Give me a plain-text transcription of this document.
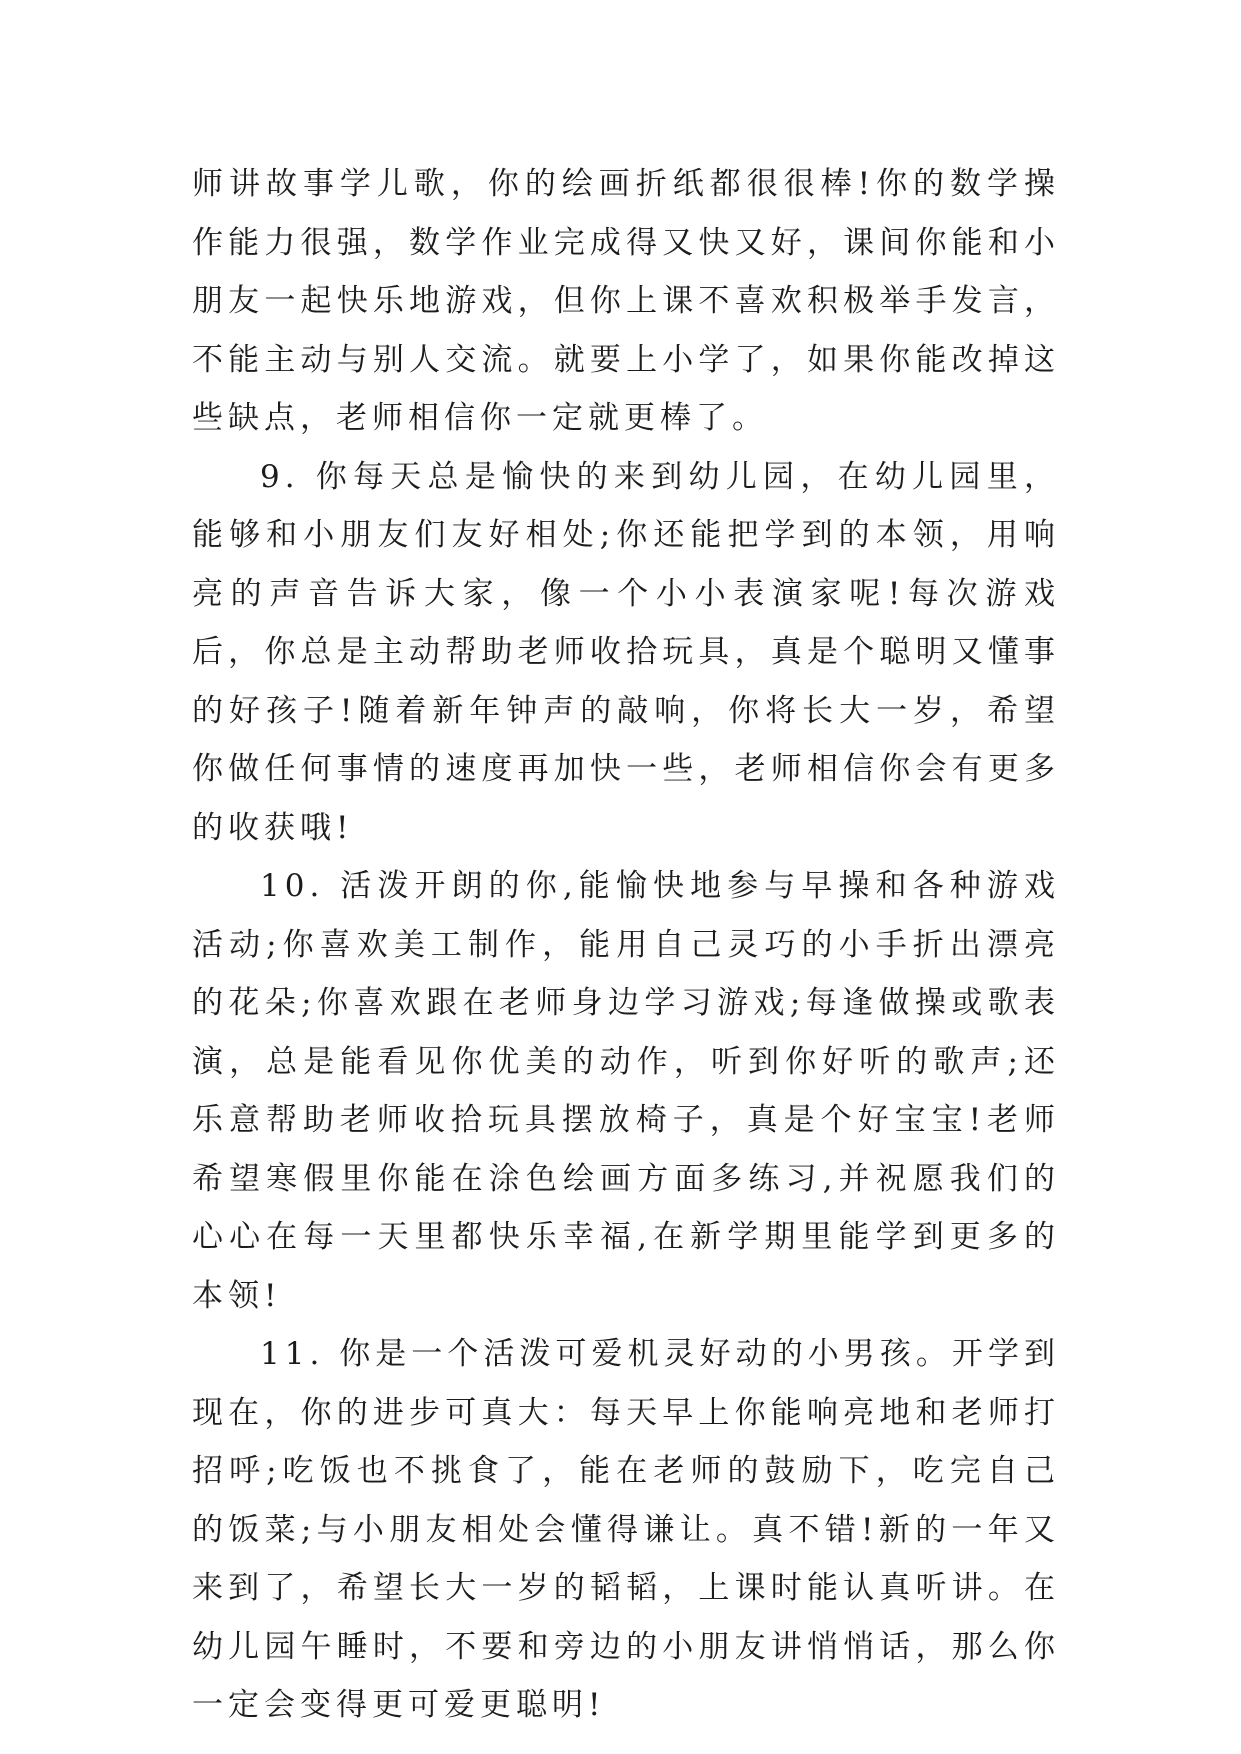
师讲故事学儿歌，你的绘画折纸都很很棒!你的数学操作能力很强，数学作业完成得又快又好，课间你能和小朋友一起快乐地游戏，但你上课不喜欢积极举手发言，不能主动与别人交流。就要上小学了，如果你能改掉这些缺点，老师相信你一定就更棒了。

9. 你每天总是愉快的来到幼儿园，在幼儿园里，能够和小朋友们友好相处;你还能把学到的本领，用响亮的声音告诉大家，像一个小小表演家呢!每次游戏后，你总是主动帮助老师收拾玩具，真是个聪明又懂事的好孩子!随着新年钟声的敲响，你将长大一岁，希望你做任何事情的速度再加快一些，老师相信你会有更多的收获哦!

10. 活泼开朗的你,能愉快地参与早操和各种游戏活动;你喜欢美工制作，能用自己灵巧的小手折出漂亮的花朵;你喜欢跟在老师身边学习游戏;每逢做操或歌表演，总是能看见你优美的动作，听到你好听的歌声;还乐意帮助老师收拾玩具摆放椅子，真是个好宝宝!老师希望寒假里你能在涂色绘画方面多练习,并祝愿我们的心心在每一天里都快乐幸福,在新学期里能学到更多的本领!

11. 你是一个活泼可爱机灵好动的小男孩。开学到现在，你的进步可真大：每天早上你能响亮地和老师打招呼;吃饭也不挑食了，能在老师的鼓励下，吃完自己的饭菜;与小朋友相处会懂得谦让。真不错!新的一年又来到了，希望长大一岁的韬韬，上课时能认真听讲。在幼儿园午睡时，不要和旁边的小朋友讲悄悄话，那么你一定会变得更可爱更聪明!
